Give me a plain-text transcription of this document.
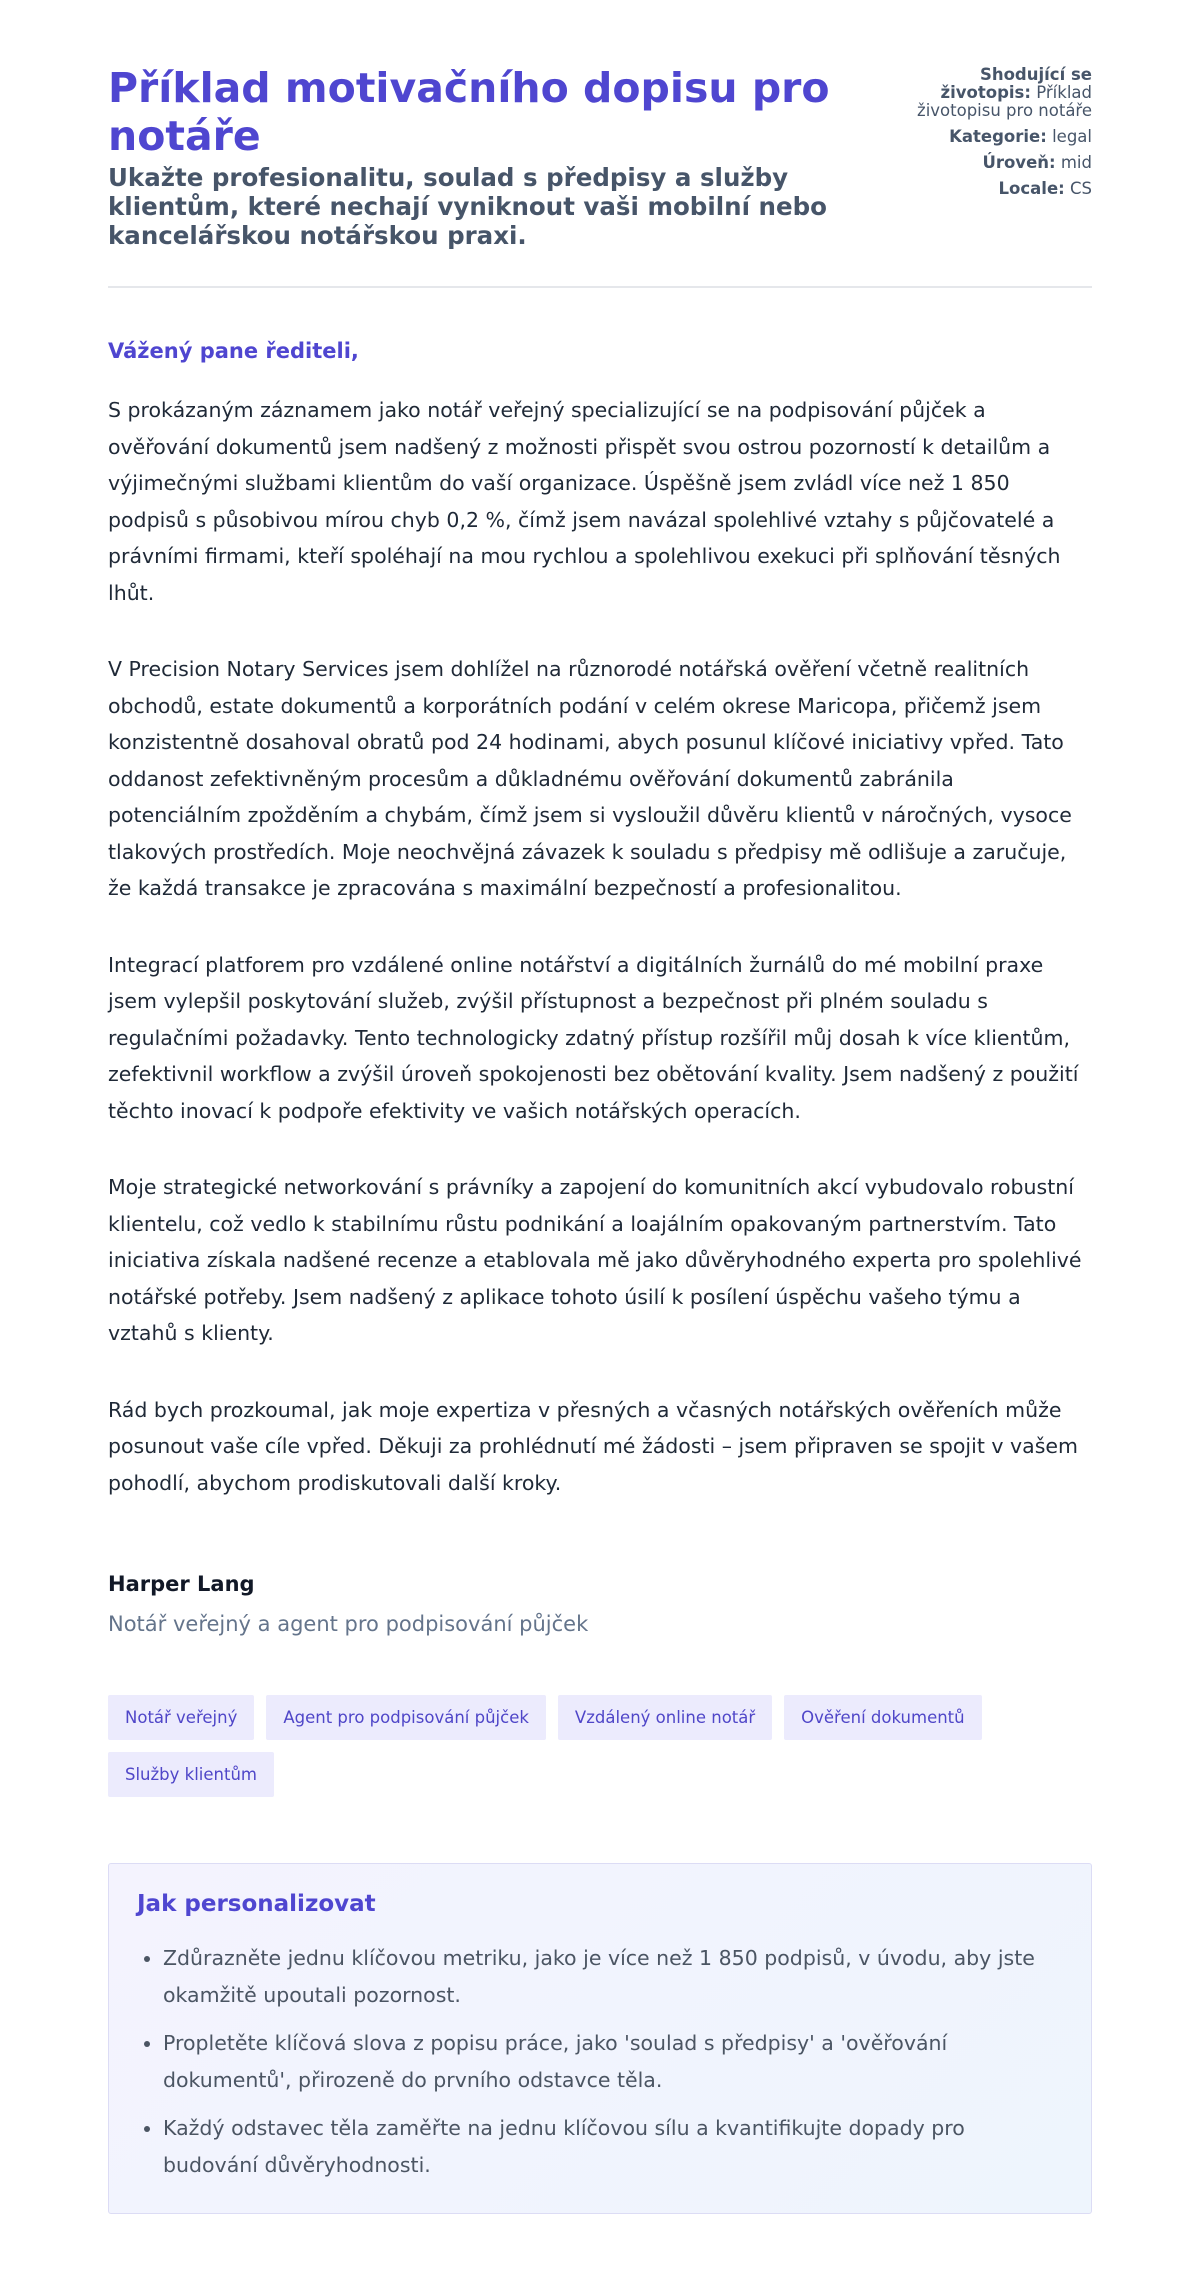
Příklad motivačního dopisu pro notáře
Ukažte profesionalitu, soulad s předpisy a služby klientům, které nechají vyniknout vaši mobilní nebo kancelářskou notářskou praxi.
Shodující se životopis: Příklad životopisu pro notáře
Kategorie: legal
Úroveň: mid
Locale: CS

Vážený pane řediteli,

S prokázaným záznamem jako notář veřejný specializující se na podpisování půjček a ověřování dokumentů jsem nadšený z možnosti přispět svou ostrou pozorností k detailům a výjimečnými službami klientům do vaší organizace. Úspěšně jsem zvládl více než 1 850 podpisů s působivou mírou chyb 0,2 %, čímž jsem navázal spolehlivé vztahy s půjčovatelé a právními firmami, kteří spoléhají na mou rychlou a spolehlivou exekuci při splňování těsných lhůt.

V Precision Notary Services jsem dohlížel na různorodé notářská ověření včetně realitních obchodů, estate dokumentů a korporátních podání v celém okrese Maricopa, přičemž jsem konzistentně dosahoval obratů pod 24 hodinami, abych posunul klíčové iniciativy vpřed. Tato oddanost zefektivněným procesům a důkladnému ověřování dokumentů zabránila potenciálním zpožděním a chybám, čímž jsem si vysloužil důvěru klientů v náročných, vysoce tlakových prostředích. Moje neochvějná závazek k souladu s předpisy mě odlišuje a zaručuje, že každá transakce je zpracována s maximální bezpečností a profesionalitou.

Integrací platforem pro vzdálené online notářství a digitálních žurnálů do mé mobilní praxe jsem vylepšil poskytování služeb, zvýšil přístupnost a bezpečnost při plném souladu s regulačními požadavky. Tento technologicky zdatný přístup rozšířil můj dosah k více klientům, zefektivnil workflow a zvýšil úroveň spokojenosti bez obětování kvality. Jsem nadšený z použití těchto inovací k podpoře efektivity ve vašich notářských operacích.

Moje strategické networkování s právníky a zapojení do komunitních akcí vybudovalo robustní klientelu, což vedlo k stabilnímu růstu podnikání a loajálním opakovaným partnerstvím. Tato iniciativa získala nadšené recenze a etablovala mě jako důvěryhodného experta pro spolehlivé notářské potřeby. Jsem nadšený z aplikace tohoto úsilí k posílení úspěchu vašeho týmu a vztahů s klienty.

Rád bych prozkoumal, jak moje expertiza v přesných a včasných notářských ověřeních může posunout vaše cíle vpřed. Děkuji za prohlédnutí mé žádosti – jsem připraven se spojit v vašem pohodlí, abychom prodiskutovali další kroky.

Harper Lang

Notář veřejný a agent pro podpisování půjček

Notář veřejný	Agent pro podpisování půjček	Vzdálený online notář	Ověření dokumentů
Služby klientům
Jak personalizovat
• Zdůrazněte jednu klíčovou metriku, jako je více než 1 850 podpisů, v úvodu, aby jste okamžitě upoutali pozornost.
• Propletěte klíčová slova z popisu práce, jako 'soulad s předpisy' a 'ověřování dokumentů', přirozeně do prvního odstavce těla.
• Každý odstavec těla zaměřte na jednu klíčovou sílu a kvantifikujte dopady pro budování důvěryhodnosti.
